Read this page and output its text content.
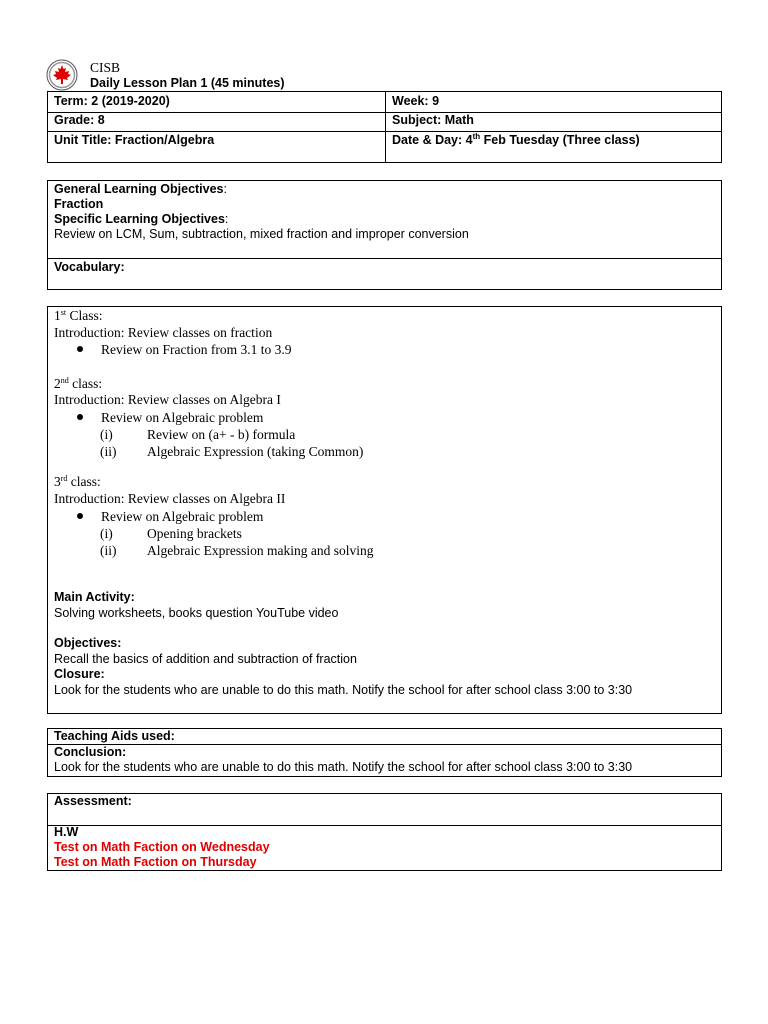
CISB
Daily Lesson Plan 1 (45 minutes)
Term: 2 (2019-2020)	Week: 9
Grade: 8	Subject: Math
Unit Title: Fraction/Algebra	Date & Day: 4th Feb Tuesday (Three class)
General Learning Objectives:
Fraction
Specific Learning Objectives:
Review on LCM, Sum, subtraction, mixed fraction and improper conversion
Vocabulary:
1st Class:
Introduction: Review classes on fraction
Review on Fraction from 3.1 to 3.9
2nd class:
Introduction: Review classes on Algebra I
Review on Algebraic problem
(i)	Review on (a+ - b) formula
(ii) Algebraic Expression (taking Common)
3rd class:
Introduction: Review classes on Algebra II
Review on Algebraic problem
(i)	Opening brackets
(ii) Algebraic Expression making and solving
Main Activity:
Solving worksheets, books question YouTube video
Objectives:
Recall the basics of addition and subtraction of fraction
Closure:
Look for the students who are unable to do this math. Notify the school for after school class 3:00 to 3:30
Teaching Aids used:
Conclusion:
Look for the students who are unable to do this math. Notify the school for after school class 3:00 to 3:30
Assessment:
H.W
Test on Math Faction on Wednesday
Test on Math Faction on Thursday
